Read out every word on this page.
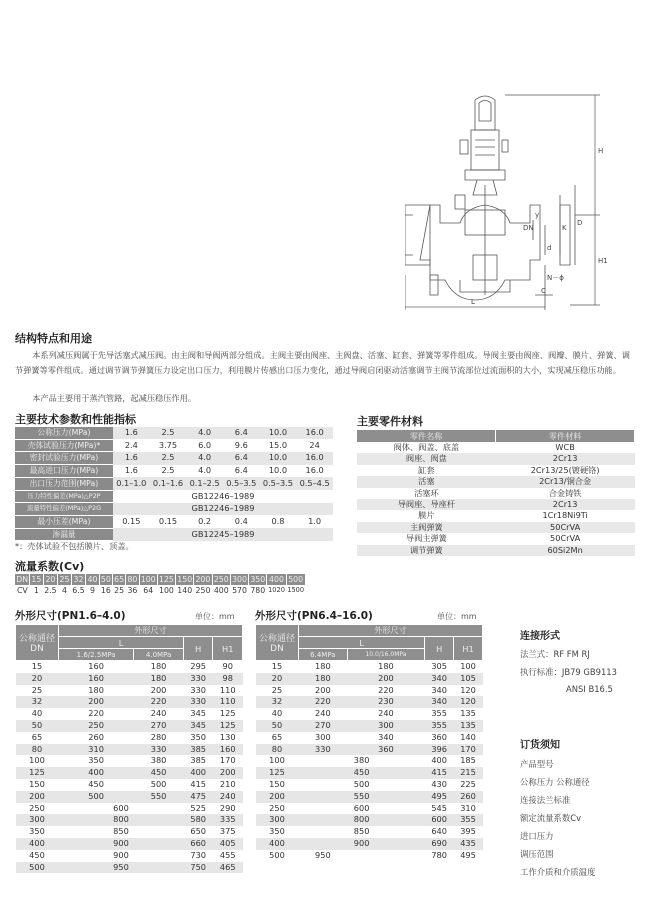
H
H1
D
K
DN
d
y
L
C
N－ϕ
结构特点和用途
本系列减压阀属于先导活塞式减压阀。由主阀和导阀两部分组成。主阀主要由阀座、主阀盘、活塞、缸套、弹簧等零件组成。导阀主要由阀座、阀瓣、膜片、弹簧、调节弹簧等零件组成。通过调节调节弹簧压力设定出口压力，利用膜片传感出口压力变化，通过导阀启闭驱动活塞调节主阀节流部位过流面积的大小，实现减压稳压功能。
本产品主要用于蒸汽管路，起减压稳压作用。
主要技术参数和性能指标
公称压力(MPa)	1.6	2.5	4.0	6.4	10.0	16.0
壳体试验压力(MPa)*	2.4	3.75	6.0	9.6	15.0	24
密封试验压力(MPa)	1.6	2.5	4.0	6.4	10.0	16.0
最高进口压力(MPa)	1.6	2.5	4.0	6.4	10.0	16.0
出口压力范围(MPa)	0.1–1.0	0.1–1.6	0.1–2.5	0.5–3.5	0.5–3.5	0.5–4.5
压力特性偏差(MPa)△P2P	GB12246–1989					
流量特性偏差(MPa)△P2G	GB12246–1989					
最小压差(MPa)	0.15	0.15	0.2	0.4	0.8	1.0
渗漏量	GB12245–1989					
*：壳体试验不包括膜片、顶盖。
流量系数(Cv)
DN	15	20	25	32	40	50	65	80	100	125	150	200	250	300	350	400	500
CV	1	2.5	4	6.5	9	16	25	36	64	100	140	250	400	570	780	1020	1500
主要零件材料
零件名称	零件材料
阀体、阀盖、底盖	WCB
阀座、阀盘	2Cr13
缸套	2Cr13/25(镀硬铬)
活塞	2Cr13/铜合金
活塞环	合金铸铁
导阀座、导座杆	2Cr13
膜片	1Cr18Ni9Ti
主阀弹簧	50CrVA
导阀主弹簧	50CrVA
调节弹簧	60Si2Mn
外形尺寸(PN1.6–4.0)	单位：mm
公称通径
DN	外形尺寸			
	L		H	H1
	1.6/2.5MPa	4.0MPa		
15	160	180	295	90
20	160	180	330	98
25	180	200	330	110
32	200	220	330	110
40	220	240	345	125
50	250	270	345	125
65	260	280	350	130
80	310	330	385	160
100	350	380	385	170
125	400	450	400	200
150	450	500	415	210
200	500	550	475	240
250	600		525	290
300	800		580	335
350	850		650	375
400	900		660	405
450	900		730	455
500	950		750	465
外形尺寸(PN6.4–16.0)	单位：mm
公称通径
DN	外形尺寸			
	L		H	H1
	6.4MPa	10.0/16.0MPa		
15	180	180	305	100
20	180	200	340	105
25	200	220	340	120
32	220	230	340	120
40	240	240	355	135
50	270	300	355	135
65	300	340	360	140
80	330	360	396	170
100	380		400	185
125	450		415	215
150	500		430	225
200	550		495	260
250	600		545	310
300	800		600	355
350	850		640	395
400	900		690	435
500	950		780	495
连接形式
法兰式：RF FM RJ
执行标准：JB79 GB9113
ANSI B16.5
订货须知
产品型号
公称压力 公称通径
连接法兰标准
额定流量系数Cv
进口压力
调压范围
工作介质和介质温度
